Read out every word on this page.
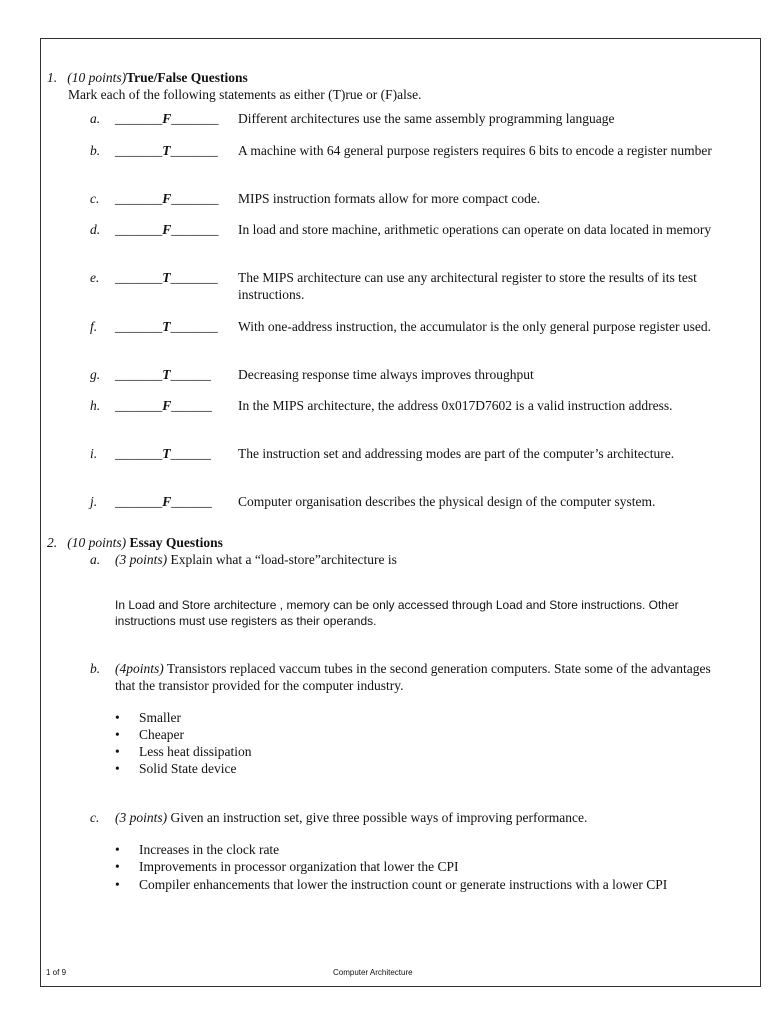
1. (10 points)True/False Questions
Mark each of the following statements as either (T)rue or (F)alse.
a. _______F_______ Different architectures use the same assembly programming language
b. _______T_______ A machine with 64 general purpose registers requires 6 bits to encode a register number
c. _______F_______ MIPS instruction formats allow for more compact code.
d. _______F_______ In load and store machine, arithmetic operations can operate on data located in memory
e. _______T_______ The MIPS architecture can use any architectural register to store the results of its test instructions.
f. _______T_______ With one-address instruction, the accumulator is the only general purpose register used.
g. _______T______ Decreasing response time always improves throughput
h. _______F______ In the MIPS architecture, the address 0x017D7602 is a valid instruction address.
i. _______T______ The instruction set and addressing modes are part of the computer’s architecture.
j. _______F______ Computer organisation describes the physical design of the computer system.
2. (10 points) Essay Questions
a. (3 points) Explain what a “load-store”architecture is
In Load and Store architecture , memory can be only accessed through Load and Store instructions. Other instructions must use registers as their operands.
b. (4points) Transistors replaced vaccum tubes in the second generation computers. State some of the advantages that the transistor provided for the computer industry.
• Smaller
• Cheaper
• Less heat dissipation
• Solid State device
c. (3 points) Given an instruction set, give three possible ways of improving performance.
• Increases in the clock rate
• Improvements in processor organization that lower the CPI
• Compiler enhancements that lower the instruction count or generate instructions with a lower CPI
1 of 9	Computer Architecture
